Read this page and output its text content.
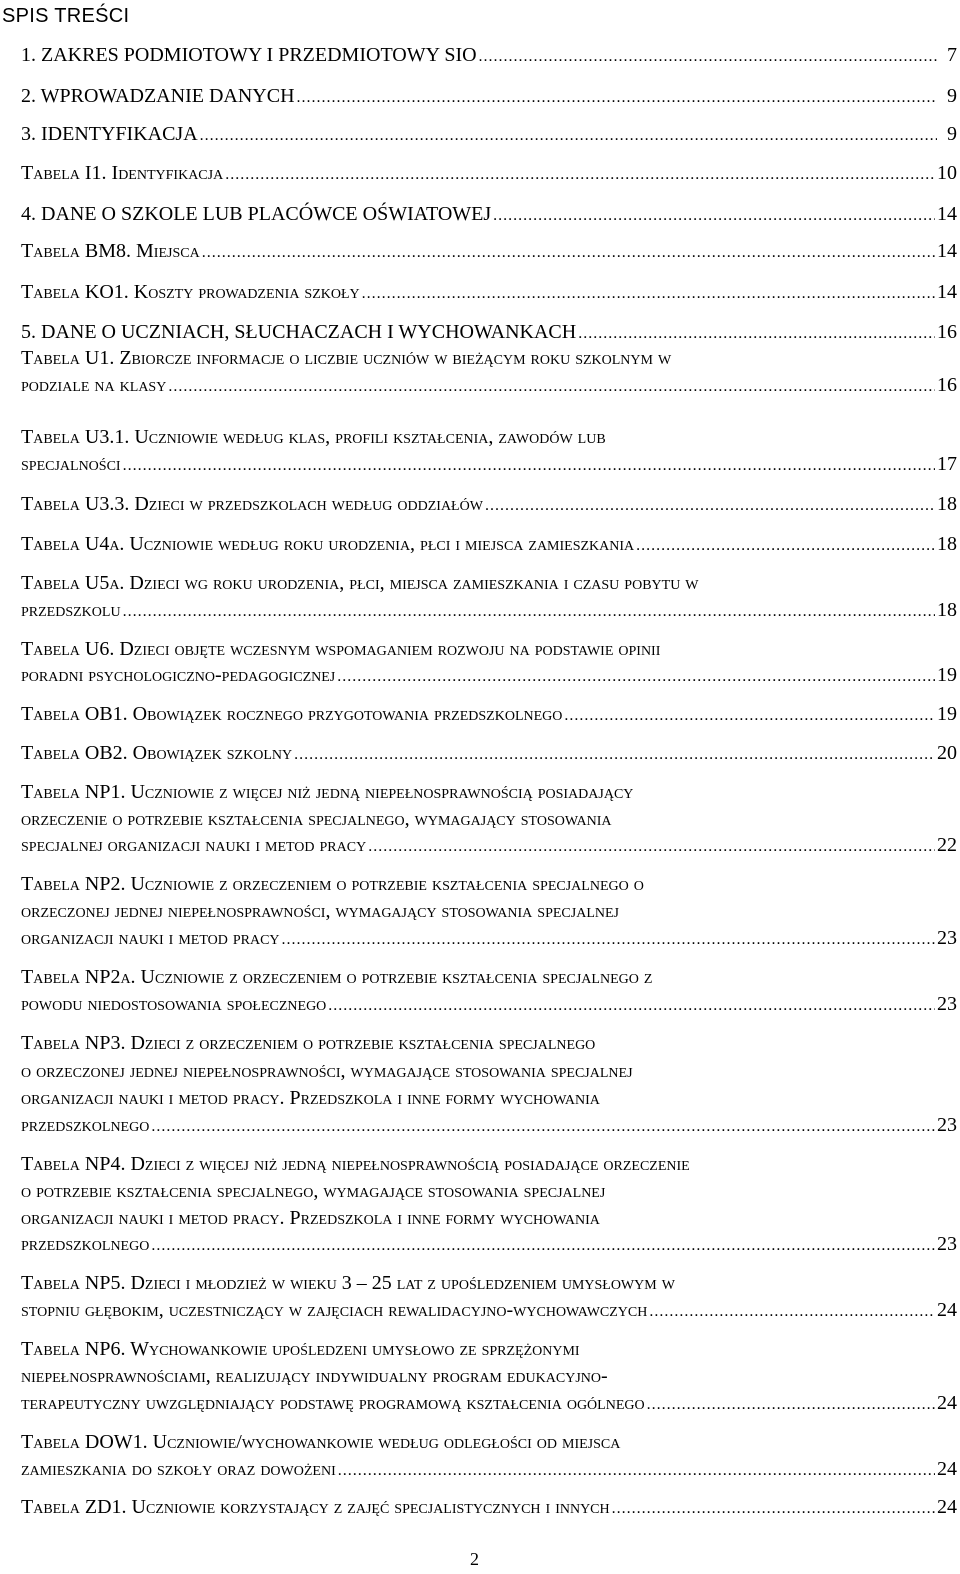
SPIS TREŚCI
1. ZAKRES PODMIOTOWY I PRZEDMIOTOWY SIO .....	7
2. WPROWADZANIE DANYCH .....	9
3. IDENTYFIKACJA .....	9
Tabela I1. Identyfikacja .....	10
4. DANE O SZKOLE LUB PLACÓWCE OŚWIATOWEJ .....	14
Tabela BM8. Miejsca .....	14
Tabela KO1. Koszty prowadzenia szkoły .....	14
5. DANE O UCZNIACH, SŁUCHACZACH I WYCHOWANKACH .....	16
Tabela U1. Zbiorcze informacje o liczbie uczniów w bieżącym roku szkolnym w
podziale na klasy .....	16
Tabela U3.1. Uczniowie według klas, profili kształcenia, zawodów lub
specjalności .....	17
Tabela U3.3. Dzieci w przedszkolach według oddziałów .....	18
Tabela U4a. Uczniowie według roku urodzenia, płci i miejsca zamieszkania .....	18
Tabela U5a. Dzieci wg roku urodzenia, płci, miejsca zamieszkania i czasu pobytu w
przedszkolu .....	18
Tabela U6. Dzieci objęte wczesnym wspomaganiem rozwoju na podstawie opinii
poradni psychologiczno-pedagogicznej .....	19
Tabela OB1. Obowiązek rocznego przygotowania przedszkolnego .....	19
Tabela OB2. Obowiązek szkolny .....	20
Tabela NP1. Uczniowie z więcej niż jedną niepełnosprawnością posiadający
orzeczenie o potrzebie kształcenia specjalnego, wymagający stosowania
specjalnej organizacji nauki i metod pracy .....	22
Tabela NP2. Uczniowie z orzeczeniem o potrzebie kształcenia specjalnego o
orzeczonej jednej niepełnosprawności, wymagający stosowania specjalnej
organizacji nauki i metod pracy .....	23
Tabela NP2a. Uczniowie z orzeczeniem o potrzebie kształcenia specjalnego z
powodu niedostosowania społecznego .....	23
Tabela NP3. Dzieci z orzeczeniem o potrzebie kształcenia specjalnego
o orzeczonej jednej niepełnosprawności, wymagające stosowania specjalnej
organizacji nauki i metod pracy. Przedszkola i inne formy wychowania
przedszkolnego .....	23
Tabela NP4. Dzieci z więcej niż jedną niepełnosprawnością posiadające orzeczenie
o potrzebie kształcenia specjalnego, wymagające stosowania specjalnej
organizacji nauki i metod pracy. Przedszkola i inne formy wychowania
przedszkolnego .....	23
Tabela NP5. Dzieci i młodzież w wieku 3 – 25 lat z upośledzeniem umysłowym w
stopniu głębokim, uczestniczący w zajęciach rewalidacyjno-wychowawczych .....	24
Tabela NP6. Wychowankowie upośledzeni umysłowo ze sprzężonymi
niepełnosprawnościami, realizujący indywidualny program edukacyjno-
terapeutyczny uwzględniający podstawę programową kształcenia ogólnego .....	24
Tabela DOW1. Uczniowie/wychowankowie według odległości od miejsca
zamieszkania do szkoły oraz dowożeni .....	24
Tabela ZD1. Uczniowie korzystający z zajęć specjalistycznych i innych .....	24
2
